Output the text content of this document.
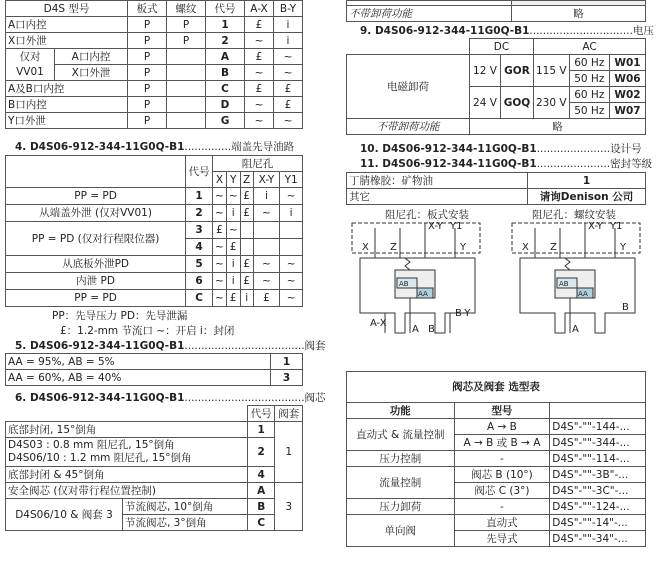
D4S 型号		板式	螺纹	代号	A-X	B-Y
A口内控		P	P	1	£	i
X口外泄		P	P	2	~	i
仅对VV01	A口内控	P		A	£	~
	X口外泄	P		B	~	~
A及B口内控		P		C	£	£
B口内控		P		D	~	£
Y口外泄		P		G	~	~
4. D4S06-912-344-11G0Q-B1..............端盖先导油路
	代号	阻尼孔				
		X	Y	Z	X-Y	Y1
PP = PD	1	~	~	£	i	~
从端盖外泄 (仅对VV01)	2	~	i	£	~	i
PP = PD (仅对行程限位器)	3	£	~			
	4	~	£			
从底板外泄PD	5	~	i	£	~	~
内泄 PD	6	~	i	£	~	~
PP = PD	C	~	£	i	£	~
PP：先导压力 PD：先导泄漏
£：1.2-mm 节流口 ~：开启 i：封闭
5. D4S06-912-344-11G0Q-B1....................................阀套
AA = 95%, AB = 5%	1
AA = 60%, AB = 40%	3
6. D4S06-912-344-11G0Q-B1....................................阀芯
		代号	阀套
底部封闭, 15°倒角		1	1

D4S03 : 0.8 mm 阻尼孔, 15°倒角
D4S06/10 : 1.2 mm 阻尼孔, 15°倒角		2	
底部封闭 & 45°倒角		4	
安全阀芯 (仅对带行程位置控制)		A	3
D4S06/10 & 阀套 3	节流阀芯, 10°倒角	B	
	节流阀芯, 3°倒角	C	

不带卸荷功能	略
9. D4S06-912-344-11G0Q-B1...............................电压
	DC		AC		
电磁卸荷	12 V	GOR	115 V	60 Hz	W01
				50 Hz	W06
	24 V	GOQ	230 V	60 Hz	W02
				50 Hz	W07
不带卸荷功能	略				
10. D4S06-912-344-11G0Q-B1......................设计号
11. D4S06-912-344-11G0Q-B1......................密封等级
丁腈橡胶：矿物油	1
其它	请询Denison 公司
阻尼孔：板式安装	阻尼孔：螺纹安装
X-Y Y1
X Z	Y
AB
AA
A-X
B-Y
A B
X-Y Y1
X Z	Y
AB
AA
A
B
阀芯及阀套 选型表		
功能	型号	
直动式 & 流量控制	A → B	D4S"-""-144-...
	A → B 或 B → A	D4S"-""-344-...
压力控制	-	D4S"-""-114-...
流量控制	阀芯 B (10°)	D4S"-""-3B"-...
	阀芯 C (3°)	D4S"-""-3C"-...
压力卸荷	-	D4S"-""-124-...
单向阀	直动式	D4S"-""-14"-...
	先导式	D4S"-""-34"-...
